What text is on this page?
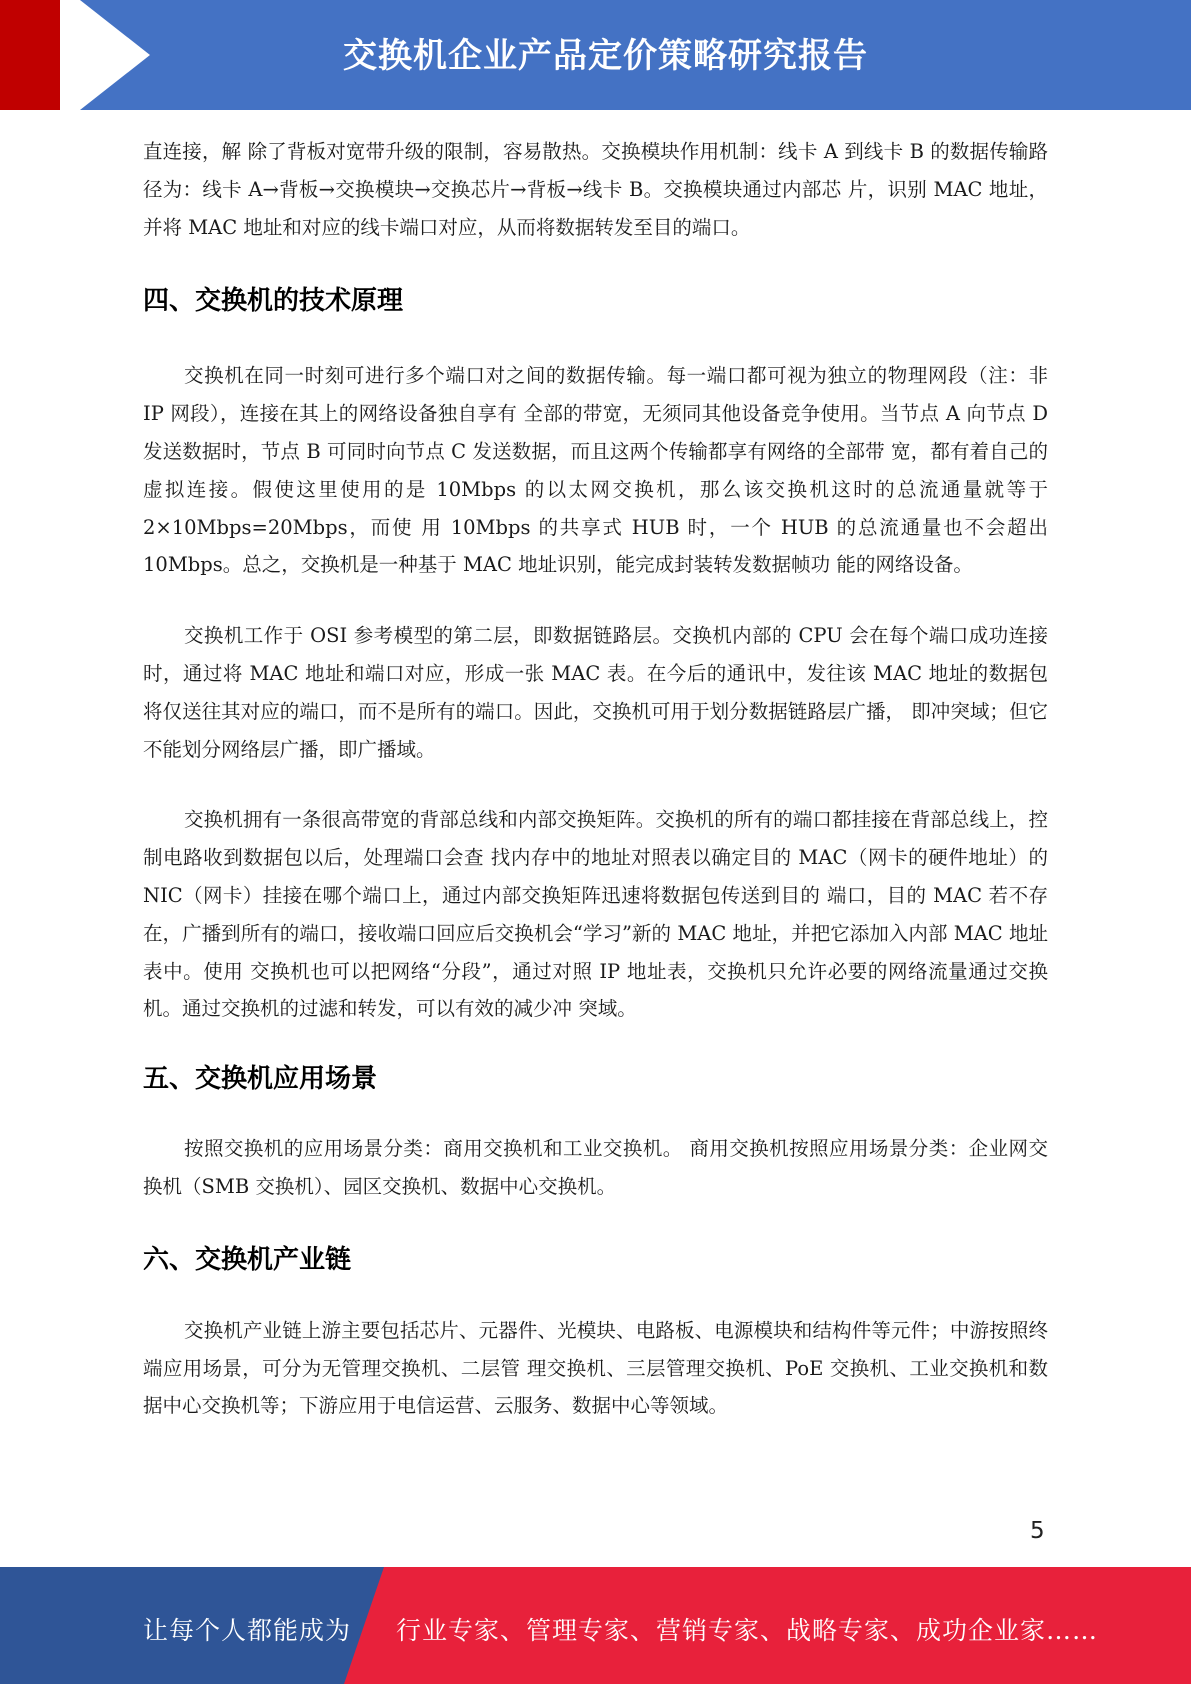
交换机企业产品定价策略研究报告

直连接，解 除了背板对宽带升级的限制，容易散热。交换模块作用机制：线卡 A 到线卡 B 的数据传输路径为：线卡 A→背板→交换模块→交换芯片→背板→线卡 B。交换模块通过内部芯 片，识别 MAC 地址，并将 MAC 地址和对应的线卡端口对应，从而将数据转发至目的端口。

四、交换机的技术原理

交换机在同一时刻可进行多个端口对之间的数据传输。每一端口都可视为独立的物理网段（注：非 IP 网段），连接在其上的网络设备独自享有 全部的带宽，无须同其他设备竞争使用。当节点 A 向节点 D 发送数据时，节点 B 可同时向节点 C 发送数据，而且这两个传输都享有网络的全部带 宽，都有着自己的虚拟连接。假使这里使用的是 10Mbps 的以太网交换机，那么该交换机这时的总流通量就等于 2×10Mbps=20Mbps，而使 用 10Mbps 的共享式 HUB 时，一个 HUB 的总流通量也不会超出 10Mbps。总之，交换机是一种基于 MAC 地址识别，能完成封装转发数据帧功 能的网络设备。

交换机工作于 OSI 参考模型的第二层，即数据链路层。交换机内部的 CPU 会在每个端口成功连接时，通过将 MAC 地址和端口对应，形成一张 MAC 表。在今后的通讯中，发往该 MAC 地址的数据包将仅送往其对应的端口，而不是所有的端口。因此，交换机可用于划分数据链路层广播， 即冲突域；但它不能划分网络层广播，即广播域。

交换机拥有一条很高带宽的背部总线和内部交换矩阵。交换机的所有的端口都挂接在背部总线上，控制电路收到数据包以后，处理端口会查 找内存中的地址对照表以确定目的 MAC（网卡的硬件地址）的 NIC（网卡）挂接在哪个端口上，通过内部交换矩阵迅速将数据包传送到目的 端口，目的 MAC 若不存在，广播到所有的端口，接收端口回应后交换机会“学习”新的 MAC 地址，并把它添加入内部 MAC 地址表中。使用 交换机也可以把网络“分段”，通过对照 IP 地址表，交换机只允许必要的网络流量通过交换机。通过交换机的过滤和转发，可以有效的减少冲 突域。

五、交换机应用场景

按照交换机的应用场景分类：商用交换机和工业交换机。 商用交换机按照应用场景分类：企业网交换机（SMB 交换机）、园区交换机、数据中心交换机。

六、交换机产业链

交换机产业链上游主要包括芯片、元器件、光模块、电路板、电源模块和结构件等元件；中游按照终端应用场景，可分为无管理交换机、二层管 理交换机、三层管理交换机、PoE 交换机、工业交换机和数据中心交换机等；下游应用于电信运营、云服务、数据中心等领域。

5
让每个人都能成为 行业专家、管理专家、营销专家、战略专家、成功企业家……
